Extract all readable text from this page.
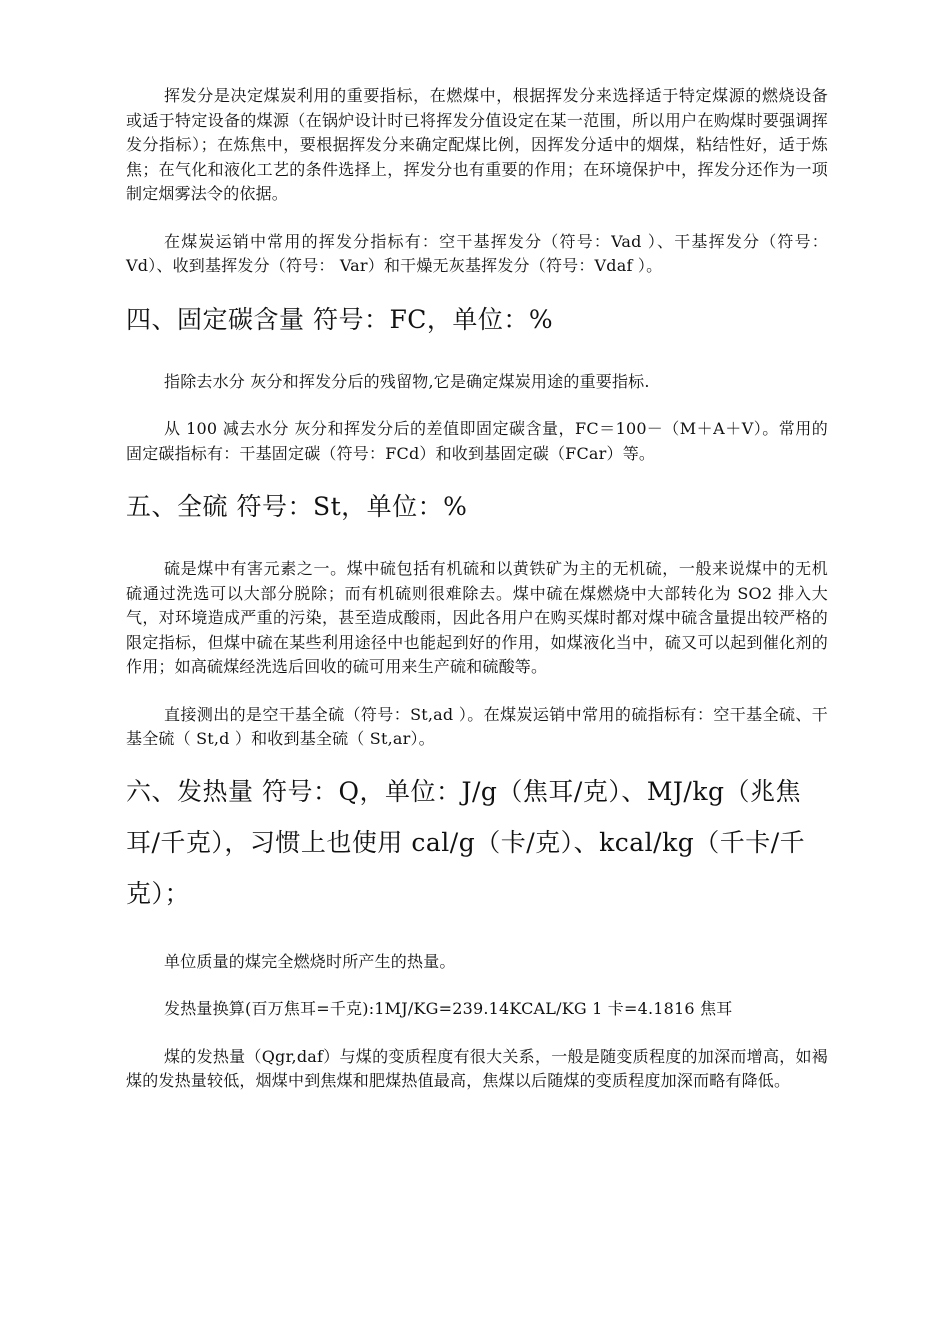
挥发分是决定煤炭利用的重要指标，在燃煤中，根据挥发分来选择适于特定煤源的燃烧设备或适于特定设备的煤源（在锅炉设计时已将挥发分值设定在某一范围，所以用户在购煤时要强调挥发分指标）；在炼焦中，要根据挥发分来确定配煤比例，因挥发分适中的烟煤，粘结性好，适于炼焦；在气化和液化工艺的条件选择上，挥发分也有重要的作用；在环境保护中，挥发分还作为一项制定烟雾法令的依据。

在煤炭运销中常用的挥发分指标有：空干基挥发分（符号：Vad ）、干基挥发分（符号：Vd）、收到基挥发分（符号： Var）和干燥无灰基挥发分（符号：Vdaf ）。

四、固定碳含量 符号：FC，单位：%

指除去水分 灰分和挥发分后的残留物,它是确定煤炭用途的重要指标.

从 100 减去水分 灰分和挥发分后的差值即固定碳含量，FC＝100－（M＋A＋V）。常用的固定碳指标有：干基固定碳（符号：FCd）和收到基固定碳（FCar）等。

五、全硫 符号：St，单位：%

硫是煤中有害元素之一。煤中硫包括有机硫和以黄铁矿为主的无机硫，一般来说煤中的无机硫通过洗选可以大部分脱除；而有机硫则很难除去。煤中硫在煤燃烧中大部转化为 SO2 排入大气，对环境造成严重的污染，甚至造成酸雨，因此各用户在购买煤时都对煤中硫含量提出较严格的限定指标，但煤中硫在某些利用途径中也能起到好的作用，如煤液化当中，硫又可以起到催化剂的作用；如高硫煤经洗选后回收的硫可用来生产硫和硫酸等。

直接测出的是空干基全硫（符号：St,ad ）。在煤炭运销中常用的硫指标有：空干基全硫、干基全硫（ St,d ）和收到基全硫（ St,ar）。

六、发热量 符号：Q，单位：J/g（焦耳/克）、MJ/kg（兆焦耳/千克），习惯上也使用 cal/g（卡/克）、kcal/kg（千卡/千克）；

单位质量的煤完全燃烧时所产生的热量。

发热量换算(百万焦耳=千克):1MJ/KG=239.14KCAL/KG 1 卡=4.1816 焦耳

煤的发热量（Qgr,daf）与煤的变质程度有很大关系，一般是随变质程度的加深而增高，如褐煤的发热量较低，烟煤中到焦煤和肥煤热值最高，焦煤以后随煤的变质程度加深而略有降低。
